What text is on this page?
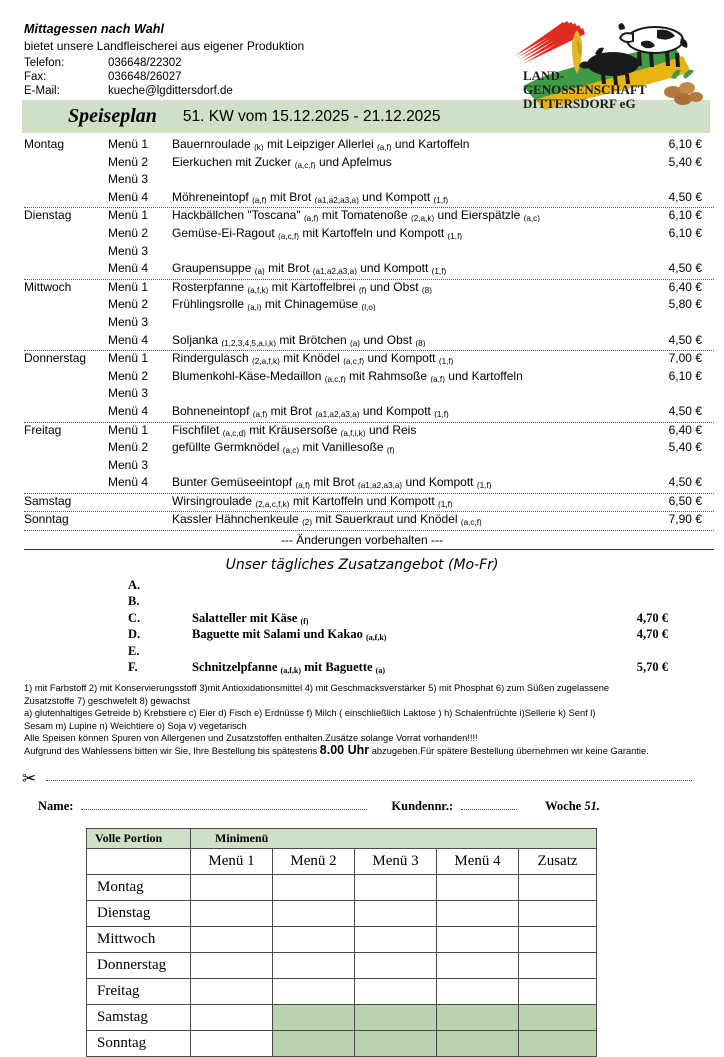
Mittagessen nach Wahl
bietet unsere Landfleischerei aus eigener Produktion
Telefon:	036648/22302
Fax:	036648/26027
E-Mail:	kueche@lgdittersdorf.de
LAND-
GENOSSENSCHAFT
DITTERSDORF eG
Speiseplan 51. KW vom 15.12.2025 - 21.12.2025
Montag	Menü 1	Bauernroulade $_{(k)}$ mit Leipziger Allerlei $_{(a,f)}$ und Kartoffeln	6,10 €
Menü 2	Eierkuchen mit Zucker $_{(a,c,f)}$ und Apfelmus	5,40 €
Menü 3
Menü 4	Möhreneintopf $_{(a,f)}$ mit Brot $_{(a1,a2,a3,a)}$ und Kompott $_{(1,f)}$	4,50 €
Dienstag	Menü 1	Hackbällchen "Toscana" $_{(a,f)}$ mit Tomatenoße $_{(2,a,k)}$ und Eierspätzle $_{(a,c)}$	6,10 €
Menü 2	Gemüse-Ei-Ragout $_{(a,c,f)}$ mit Kartoffeln und Kompott $_{(1,f)}$	6,10 €
Menü 3
Menü 4	Graupensuppe $_{(a)}$ mit Brot $_{(a1,a2,a3,a)}$ und Kompott $_{(1,f)}$	4,50 €
Mittwoch	Menü 1	Rosterpfanne $_{(a,f,k)}$ mit Kartoffelbrei $_{(f)}$ und Obst $_{(8)}$	6,40 €
Menü 2	Frühlingsrolle $_{(a,i)}$ mit Chinagemüse $_{(l,o)}$	5,80 €
Menü 3
Menü 4	Soljanka $_{(1,2,3,4,5,a,i,k)}$ mit Brötchen $_{(a)}$ und Obst $_{(8)}$	4,50 €
Donnerstag	Menü 1	Rindergulasch $_{(2,a,f,k)}$ mit Knödel $_{(a,c,f)}$ und Kompott $_{(1,f)}$	7,00 €
Menü 2	Blumenkohl-Käse-Medaillon $_{(a,c,f)}$ mit Rahmsoße $_{(a,f)}$ und Kartoffeln	6,10 €
Menü 3
Menü 4	Bohneneintopf $_{(a,f)}$ mit Brot $_{(a1,a2,a3,a)}$ und Kompott $_{(1,f)}$	4,50 €
Freitag	Menü 1	Fischfilet $_{(a,c,d)}$ mit Kräusersoße $_{(a,f,i,k)}$ und Reis	6,40 €
Menü 2	gefüllte Germknödel $_{(a,c)}$ mit Vanillesoße $_{(f)}$	5,40 €
Menü 3
Menü 4	Bunter Gemüseeintopf $_{(a,f)}$ mit Brot $_{(a1,a2,a3,a)}$ und Kompott $_{(1,f)}$	4,50 €
Samstag	Wirsingroulade $_{(2,a,c,f,k)}$ mit Kartoffeln und Kompott $_{(1,f)}$	6,50 €
Sonntag	Kassler Hähnchenkeule $_{(2)}$ mit Sauerkraut und Knödel $_{(a,c,f)}$	7,90 €
--- Änderungen vorbehalten ---
Unser tägliches Zusatzangebot (Mo-Fr)
A.
B.
C.	Salatteller mit Käse $_{(f)}$	4,70 €
D.	Baguette mit Salami und Kakao $_{(a,f,k)}$	4,70 €
E.
F.	Schnitzelpfanne $_{(a,f,k)}$ mit Baguette $_{(a)}$	5,70 €

1) mit Farbstoff 2) mit Konservierungsstoff 3)mit Antioxidationsmittel 4) mit Geschmacksverstärker 5) mit Phosphat 6) zum Süßen zugelassene

Zusatzstoffe 7) geschwefelt 8) gewachst

a) glutenhaltiges Getreide b) Krebstiere c) Eier d) Fisch e) Erdnüsse f) Milch ( einschließlich Laktose ) h) Schalenfrüchte i)Sellerie k) Senf l)

Sesam m) Lupine n) Weichtiere o) Soja v) vegetarisch

Alle Speisen können Spuren von Allergenen und Zusatzstoffen enthalten.Zusätze solange Vorrat vorhanden!!!!

Aufgrund des Wahlessens bitten wir Sie, Ihre Bestellung bis spätestens 8.00 Uhr abzugeben.Für spätere Bestellung übernehmen wir keine Garantie.

✂
Name:	Kundennr.:	Woche 51.
Volle Portion	Minimenü				
	Menü 1	Menü 2	Menü 3	Menü 4	Zusatz
Montag					
Dienstag					
Mittwoch					
Donnerstag					
Freitag					
Samstag					
Sonntag					
